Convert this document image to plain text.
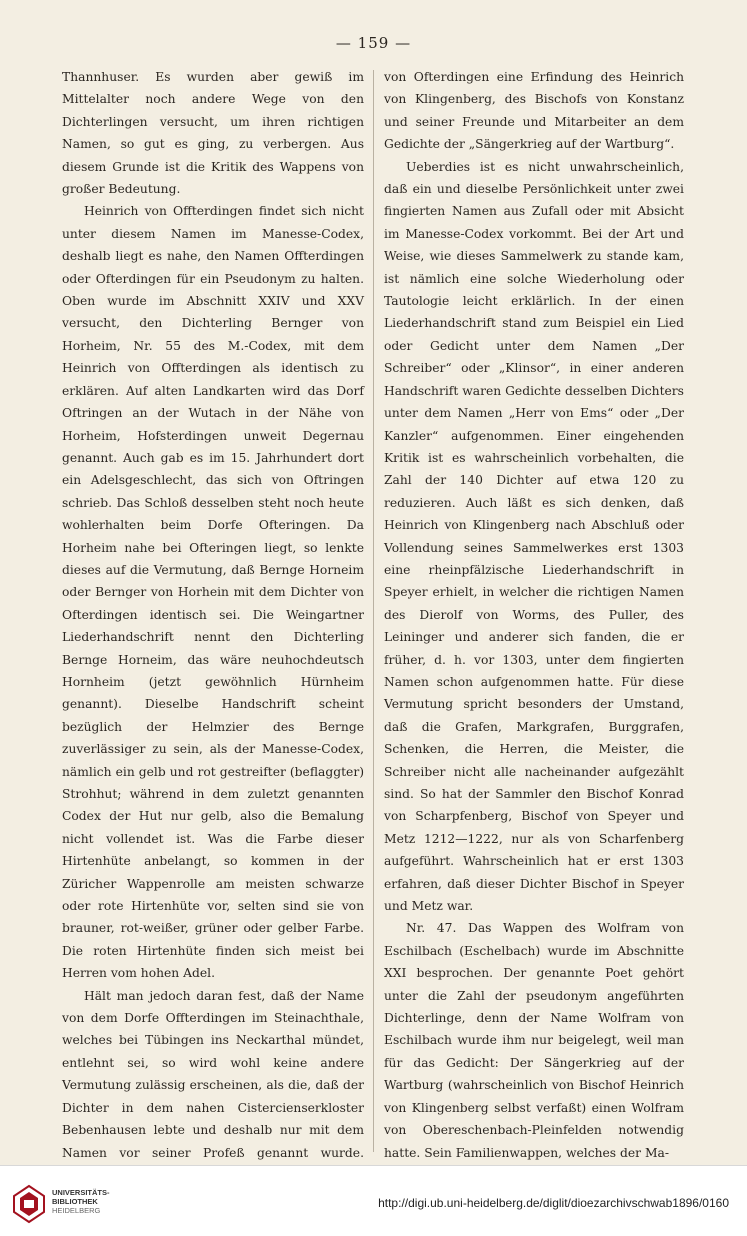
— 159 —

Thannhuser. Es wurden aber gewiß im Mittelalter noch andere Wege von den Dichterlingen versucht, um ihren richtigen Namen, so gut es ging, zu verbergen. Aus diesem Grunde ist die Kritik des Wappens von großer Bedeutung.

Heinrich von Offterdingen findet sich nicht unter diesem Namen im Manesse-Codex, deshalb liegt es nahe, den Namen Offterdingen oder Ofterdingen für ein Pseudonym zu halten. Oben wurde im Abschnitt XXIV und XXV versucht, den Dichterling Bernger von Horheim, Nr. 55 des M.-Codex, mit dem Heinrich von Offterdingen als identisch zu erklären. Auf alten Landkarten wird das Dorf Oftringen an der Wutach in der Nähe von Horheim, Hofsterdingen unweit Degernau genannt. Auch gab es im 15. Jahrhundert dort ein Adelsgeschlecht, das sich von Oftringen schrieb. Das Schloß desselben steht noch heute wohlerhalten beim Dorfe Ofteringen. Da Horheim nahe bei Ofteringen liegt, so lenkte dieses auf die Vermutung, daß Bernge Horneim oder Bernger von Horhein mit dem Dichter von Ofterdingen identisch sei. Die Weingartner Liederhandschrift nennt den Dichterling Bernge Horneim, das wäre neuhochdeutsch Hornheim (jetzt gewöhnlich Hürnheim genannt). Dieselbe Handschrift scheint bezüglich der Helmzier des Bernge zuverlässiger zu sein, als der Manesse-Codex, nämlich ein gelb und rot gestreifter (beflaggter) Strohhut; während in dem zuletzt genannten Codex der Hut nur gelb, also die Bemalung nicht vollendet ist. Was die Farbe dieser Hirtenhüte anbelangt, so kommen in der Züricher Wappenrolle am meisten schwarze oder rote Hirtenhüte vor, selten sind sie von brauner, rot-weißer, grüner oder gelber Farbe. Die roten Hirtenhüte finden sich meist bei Herren vom hohen Adel.

Hält man jedoch daran fest, daß der Name von dem Dorfe Offterdingen im Steinachthale, welches bei Tübingen ins Neckarthal mündet, entlehnt sei, so wird wohl keine andere Vermutung zulässig erscheinen, als die, daß der Dichter in dem nahen Cistercienserkloster Bebenhausen lebte und deshalb nur mit dem Namen vor seiner Profeß genannt wurde.

von Ofterdingen eine Erfindung des Heinrich von Klingenberg, des Bischofs von Konstanz und seiner Freunde und Mitarbeiter an dem Gedichte der „Sängerkrieg auf der Wartburg“.

Ueberdies ist es nicht unwahrscheinlich, daß ein und dieselbe Persönlichkeit unter zwei fingierten Namen aus Zufall oder mit Absicht im Manesse-Codex vorkommt. Bei der Art und Weise, wie dieses Sammelwerk zu stande kam, ist nämlich eine solche Wiederholung oder Tautologie leicht erklärlich. In der einen Liederhandschrift stand zum Beispiel ein Lied oder Gedicht unter dem Namen „Der Schreiber“ oder „Klinsor“, in einer anderen Handschrift waren Gedichte desselben Dichters unter dem Namen „Herr von Ems“ oder „Der Kanzler“ aufgenommen. Einer eingehenden Kritik ist es wahrscheinlich vorbehalten, die Zahl der 140 Dichter auf etwa 120 zu reduzieren. Auch läßt es sich denken, daß Heinrich von Klingenberg nach Abschluß oder Vollendung seines Sammelwerkes erst 1303 eine rheinpfälzische Liederhandschrift in Speyer erhielt, in welcher die richtigen Namen des Dierolf von Worms, des Puller, des Leininger und anderer sich fanden, die er früher, d. h. vor 1303, unter dem fingierten Namen schon aufgenommen hatte. Für diese Vermutung spricht besonders der Umstand, daß die Grafen, Markgrafen, Burggrafen, Schenken, die Herren, die Meister, die Schreiber nicht alle nacheinander aufgezählt sind. So hat der Sammler den Bischof Konrad von Scharpfenberg, Bischof von Speyer und Metz 1212—1222, nur als von Scharfenberg aufgeführt. Wahrscheinlich hat er erst 1303 erfahren, daß dieser Dichter Bischof in Speyer und Metz war.

Nr. 47. Das Wappen des Wolfram von Eschilbach (Eschelbach) wurde im Abschnitte XXI besprochen. Der genannte Poet gehört unter die Zahl der pseudonym angeführten Dichterlinge, denn der Name Wolfram von Eschilbach wurde ihm nur beigelegt, weil man für das Gedicht: Der Sängerkrieg auf der Wartburg (wahrscheinlich von Bischof Heinrich von Klingenberg selbst verfaßt) einen Wolfram von Obereschenbach-Pleinfelden notwendig hatte. Sein Familienwappen, welches der Ma-

UNIVERSITÄTS-
BIBLIOTHEK
HEIDELBERG
http://digi.ub.uni-heidelberg.de/diglit/dioezarchivschwab1896/0160
